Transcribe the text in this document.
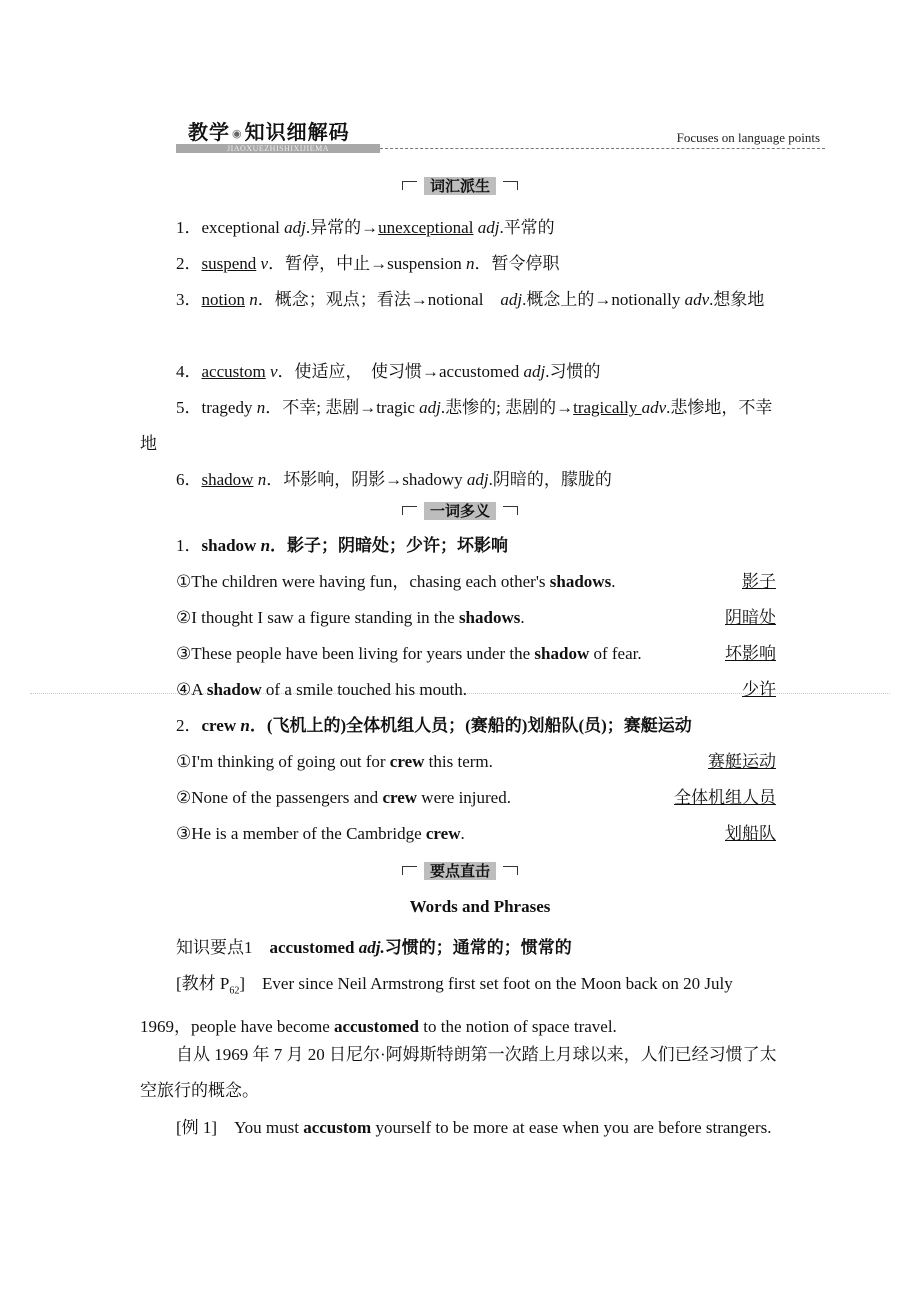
教学 ◉ 知识细解码
JIAOXUEZHISHIXIJIEMA
Focuses on language points
词汇派生
1．exceptional adj.异常的→unexceptional adj.平常的
2．suspend v．暂停，中止→suspension n．暂令停职
3．notion n．概念；观点；看法→notional　adj.概念上的→notionally adv.想象地
4．accustom v．使适应，　使习惯→accustomed adj.习惯的
5．tragedy n．不幸; 悲剧→tragic adj.悲惨的; 悲剧的→tragically adv.悲惨地，不幸地
6．shadow n．坏影响，阴影→shadowy adj.阴暗的，朦胧的
一词多义
1．shadow n．影子；阴暗处；少许；坏影响
①The children were having fun，chasing each other's shadows.	影子
②I thought I saw a figure standing in the shadows.	阴暗处
③These people have been living for years under the shadow of fear.	坏影响
④A shadow of a smile touched his mouth.	少许
2．crew n．(飞机上的)全体机组人员；(赛船的)划船队(员)；赛艇运动
①I'm thinking of going out for crew this term.	赛艇运动
②None of the passengers and crew were injured.	全体机组人员
③He is a member of the Cambridge crew.	划船队
要点直击
Words and Phrases
知识要点1　accustomed adj.习惯的；通常的；惯常的
[教材 $P_{62}$]　Ever since Neil Armstrong first set foot on the Moon back on 20 July 1969，people have become accustomed to the notion of space travel.
自从 1969 年 7 月 20 日尼尔·阿姆斯特朗第一次踏上月球以来，人们已经习惯了太空旅行的概念。
[例 1]　You must accustom yourself to be more at ease when you are before strangers.
